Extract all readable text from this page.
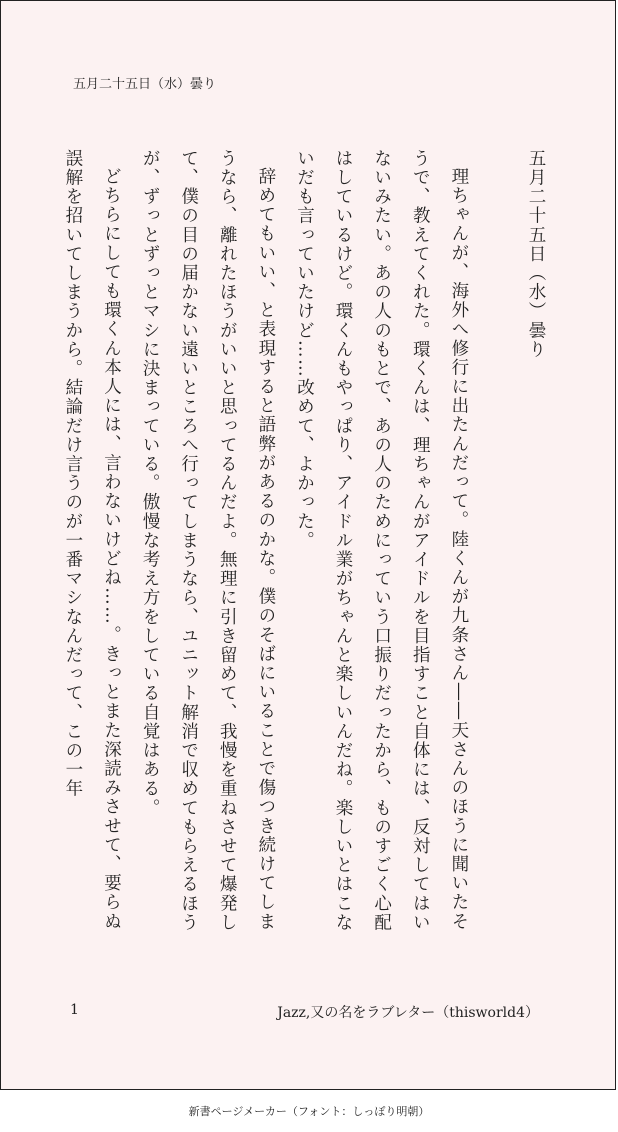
五月二十五日（水）曇り

五月二十五日（水）曇り

理ちゃんが、海外へ修行に出たんだって。陸くんが九条さん――天さんのほうに聞いたそうで、教えてくれた。環くんは、理ちゃんがアイドルを目指すこと自体には、反対してはいないみたい。あの人のもとで、あの人のためにっていう口振りだったから、ものすごく心配はしているけど。環くんもやっぱり、アイドル業がちゃんと楽しいんだね。楽しいとはこないだも言っていたけど……改めて、よかった。

辞めてもいい、と表現すると語弊があるのかな。僕のそばにいることで傷つき続けてしまうなら、離れたほうがいいと思ってるんだよ。無理に引き留めて、我慢を重ねさせて爆発して、僕の目の届かない遠いところへ行ってしまうなら、ユニット解消で収めてもらえるほうが、ずっとずっとマシに決まっている。傲慢な考え方をしている自覚はある。

どちらにしても環くん本人には、言わないけどね……。きっとまた深読みさせて、要らぬ誤解を招いてしまうから。結論だけ言うのが一番マシなんだって、この一年

1	Jazz,又の名をラブレター（thisworld4）
新書ページメーカー（フォント：しっぽり明朝）
